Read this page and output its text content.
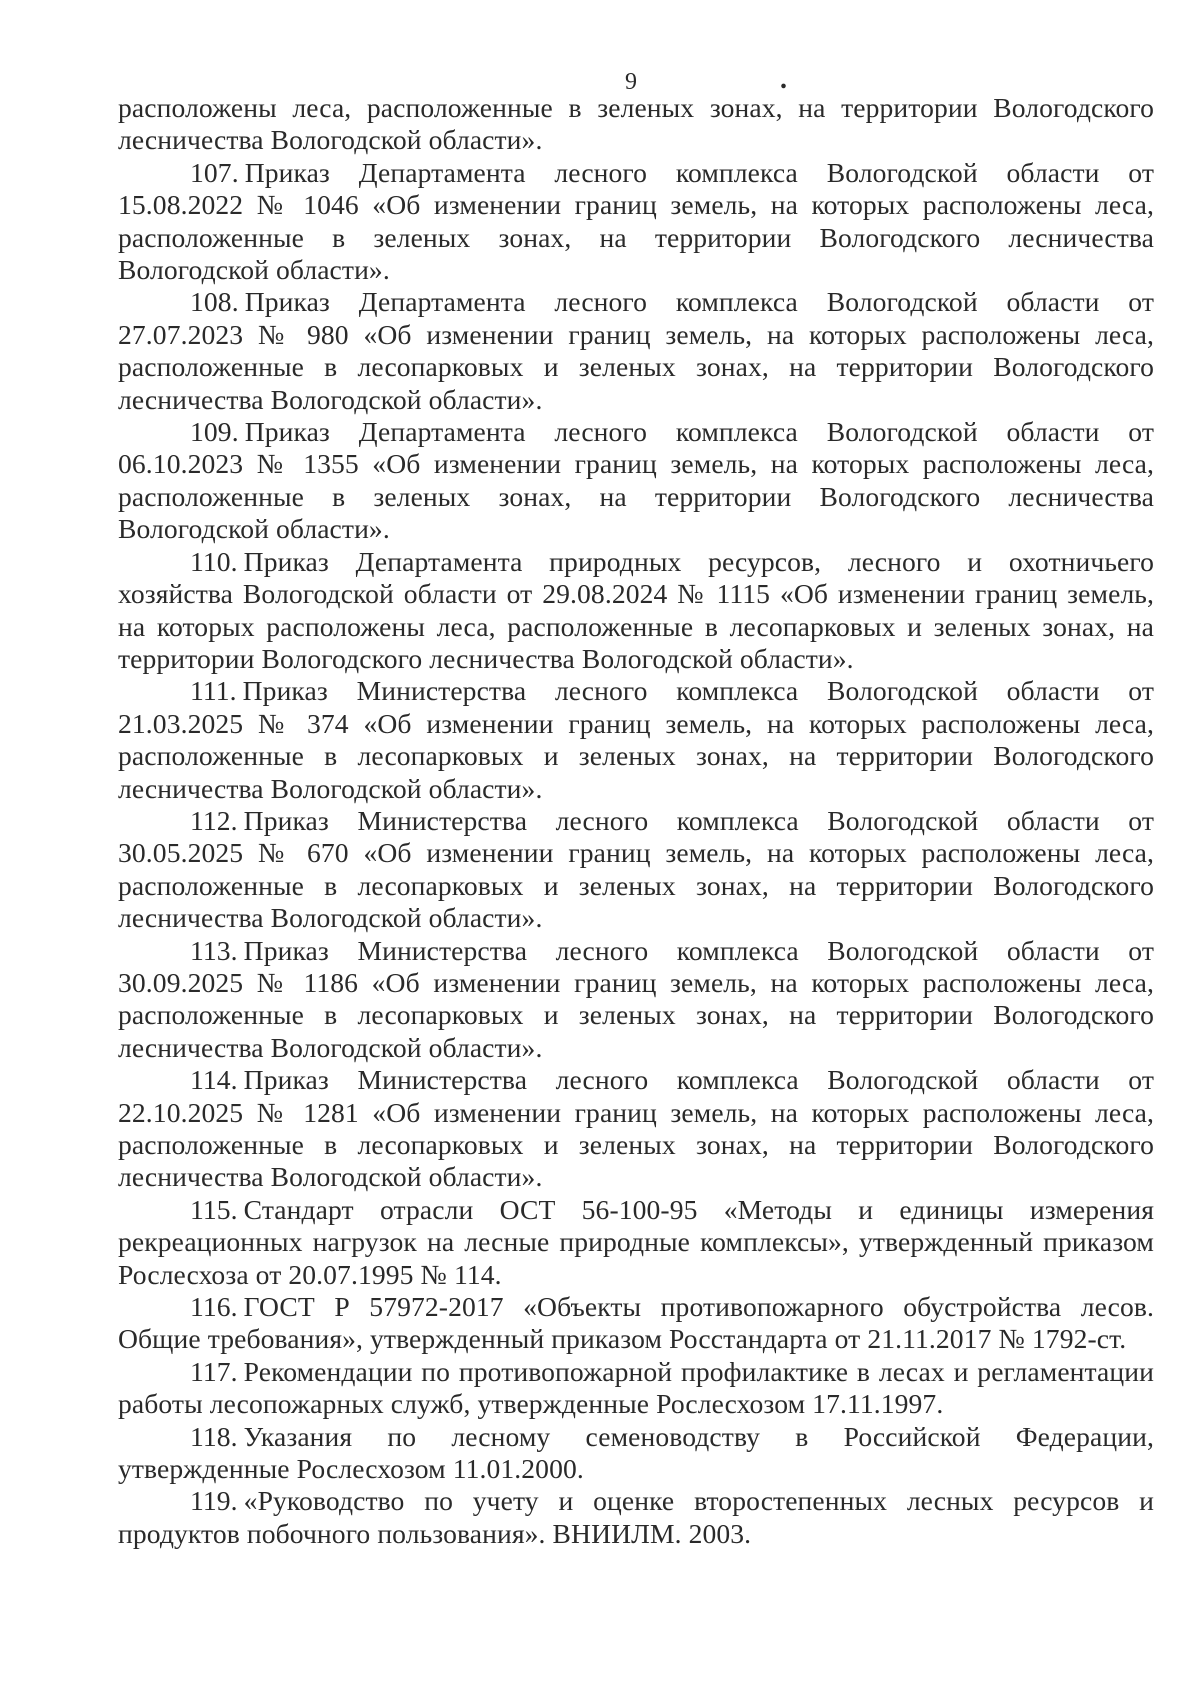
9	.

расположены леса, расположенные в зеленых зонах, на территории Вологодского лесничества Вологодской области».

107. Приказ Департамента лесного комплекса Вологодской области от 15.08.2022 № 1046 «Об изменении границ земель, на которых расположены леса, расположенные в зеленых зонах, на территории Вологодского лесничества Вологодской области».

108. Приказ Департамента лесного комплекса Вологодской области от 27.07.2023 № 980 «Об изменении границ земель, на которых расположены леса, расположенные в лесопарковых и зеленых зонах, на территории Вологодского лесничества Вологодской области».

109. Приказ Департамента лесного комплекса Вологодской области от 06.10.2023 № 1355 «Об изменении границ земель, на которых расположены леса, расположенные в зеленых зонах, на территории Вологодского лесничества Вологодской области».

110. Приказ Департамента природных ресурсов, лесного и охотничьего хозяйства Вологодской области от 29.08.2024 № 1115 «Об изменении границ земель, на которых расположены леса, расположенные в лесопарковых и зеленых зонах, на территории Вологодского лесничества Вологодской области».

111. Приказ Министерства лесного комплекса Вологодской области от 21.03.2025 № 374 «Об изменении границ земель, на которых расположены леса, расположенные в лесопарковых и зеленых зонах, на территории Вологодского лесничества Вологодской области».

112. Приказ Министерства лесного комплекса Вологодской области от 30.05.2025 № 670 «Об изменении границ земель, на которых расположены леса, расположенные в лесопарковых и зеленых зонах, на территории Вологодского лесничества Вологодской области».

113. Приказ Министерства лесного комплекса Вологодской области от 30.09.2025 № 1186 «Об изменении границ земель, на которых расположены леса, расположенные в лесопарковых и зеленых зонах, на территории Вологодского лесничества Вологодской области».

114. Приказ Министерства лесного комплекса Вологодской области от 22.10.2025 № 1281 «Об изменении границ земель, на которых расположены леса, расположенные в лесопарковых и зеленых зонах, на территории Вологодского лесничества Вологодской области».

115. Стандарт отрасли ОСТ 56-100-95 «Методы и единицы измерения рекреационных нагрузок на лесные природные комплексы», утвержденный приказом Рослесхоза от 20.07.1995 № 114.

116. ГОСТ Р 57972-2017 «Объекты противопожарного обустройства лесов. Общие требования», утвержденный приказом Росстандарта от 21.11.2017 № 1792-ст.

117. Рекомендации по противопожарной профилактике в лесах и регламентации работы лесопожарных служб, утвержденные Рослесхозом 17.11.1997.

118. Указания по лесному семеноводству в Российской Федерации, утвержденные Рослесхозом 11.01.2000.

119. «Руководство по учету и оценке второстепенных лесных ресурсов и продуктов побочного пользования». ВНИИЛМ. 2003.
